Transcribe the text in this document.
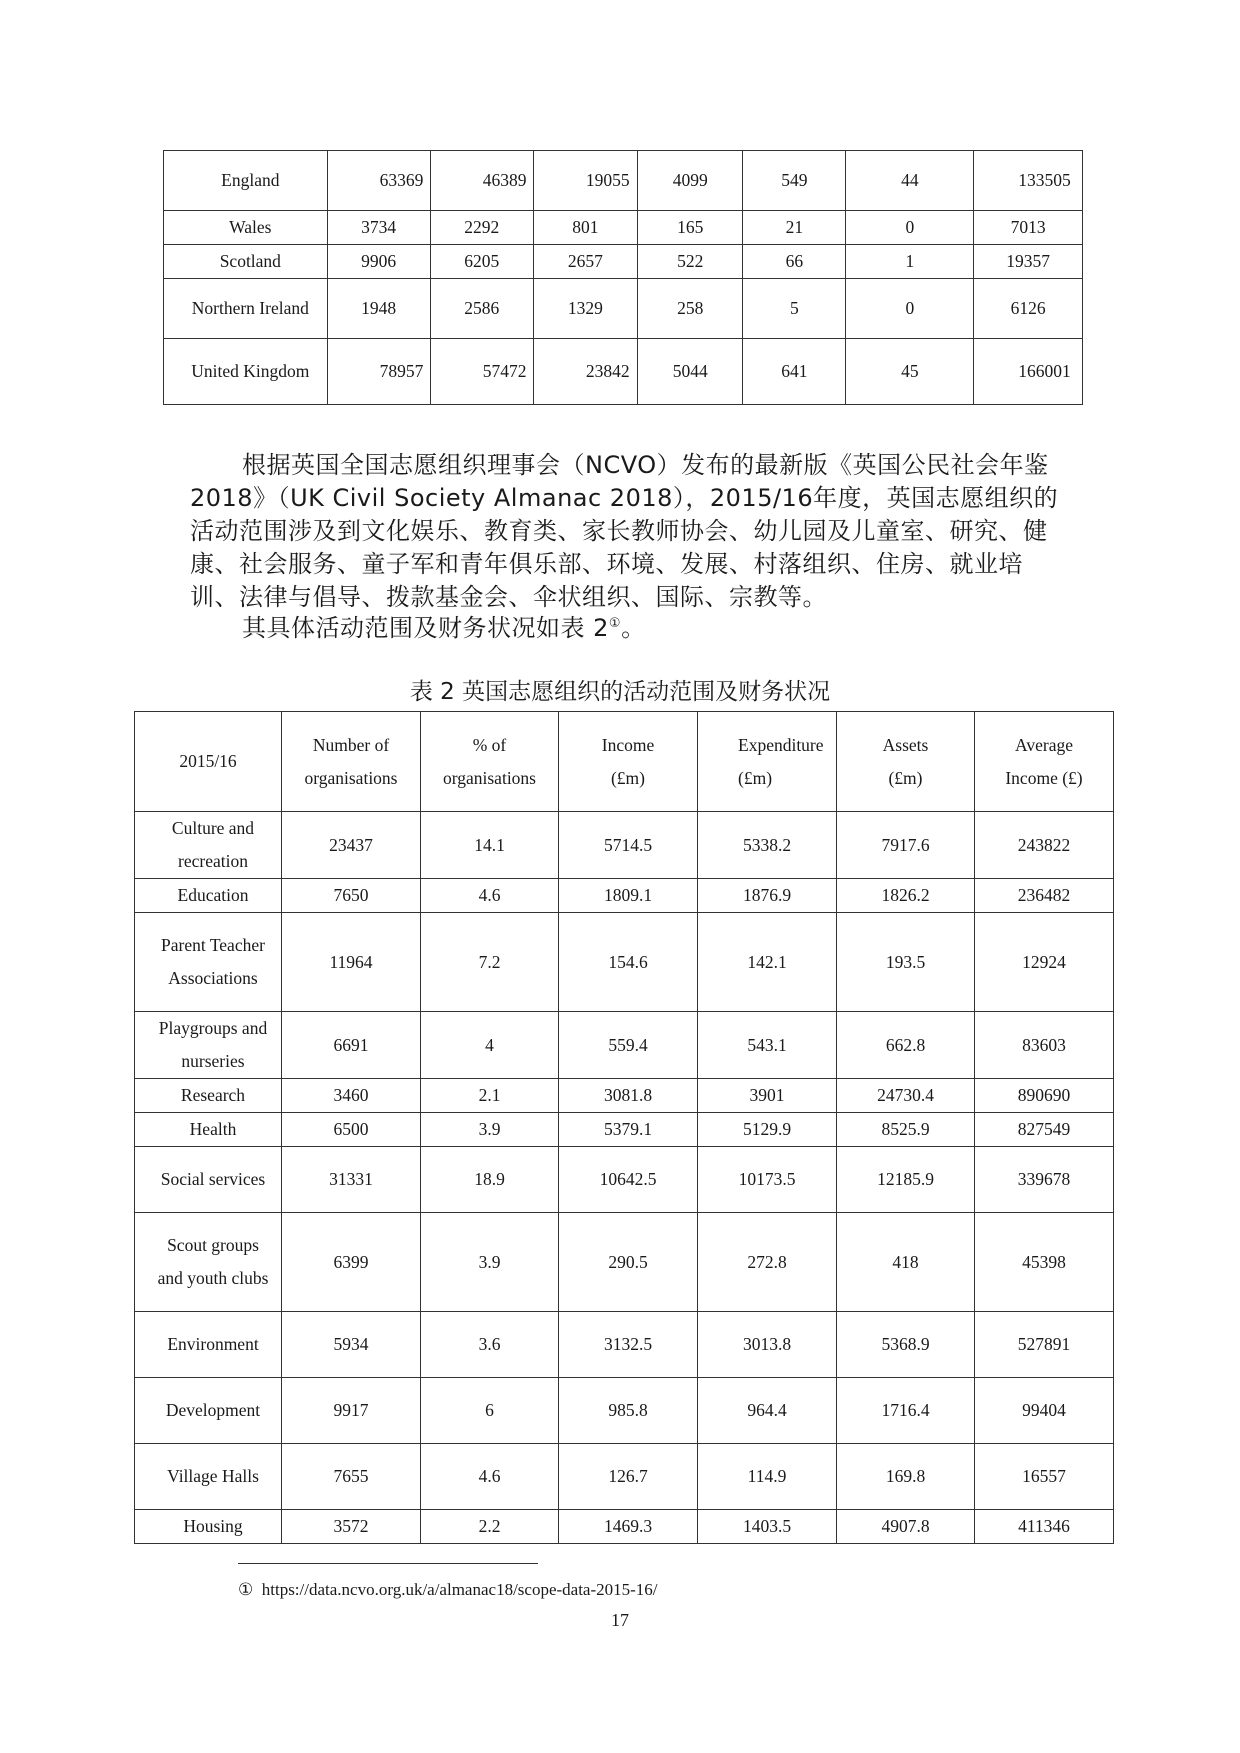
England	63369	46389	19055	4099	549	44	133505
Wales	3734	2292	801	165	21	0	7013
Scotland	9906	6205	2657	522	66	1	19357
Northern Ireland	1948	2586	1329	258	5	0	6126
United Kingdom	78957	57472	23842	5044	641	45	166001

根据英国全国志愿组织理事会（NCVO）发布的最新版《英国公民社会年鉴2018》（UK Civil Society Almanac 2018），2015/16年度，英国志愿组织的活动范围涉及到文化娱乐、教育类、家长教师协会、幼儿园及儿童室、研究、健康、社会服务、童子军和青年俱乐部、环境、发展、村落组织、住房、就业培训、法律与倡导、拨款基金会、伞状组织、国际、宗教等。

其具体活动范围及财务状况如表 2①。

表 2 英国志愿组织的活动范围及财务状况
2015/16	Number of organisations	% of organisations	Income (£m)	Expenditure (£m)	Assets (£m)	Average Income (£)
Culture and recreation	23437	14.1	5714.5	5338.2	7917.6	243822
Education	7650	4.6	1809.1	1876.9	1826.2	236482
Parent Teacher Associations	11964	7.2	154.6	142.1	193.5	12924
Playgroups and nurseries	6691	4	559.4	543.1	662.8	83603
Research	3460	2.1	3081.8	3901	24730.4	890690
Health	6500	3.9	5379.1	5129.9	8525.9	827549
Social services	31331	18.9	10642.5	10173.5	12185.9	339678
Scout groups and youth clubs	6399	3.9	290.5	272.8	418	45398
Environment	5934	3.6	3132.5	3013.8	5368.9	527891
Development	9917	6	985.8	964.4	1716.4	99404
Village Halls	7655	4.6	126.7	114.9	169.8	16557
Housing	3572	2.2	1469.3	1403.5	4907.8	411346
① https://data.ncvo.org.uk/a/almanac18/scope-data-2015-16/
17
